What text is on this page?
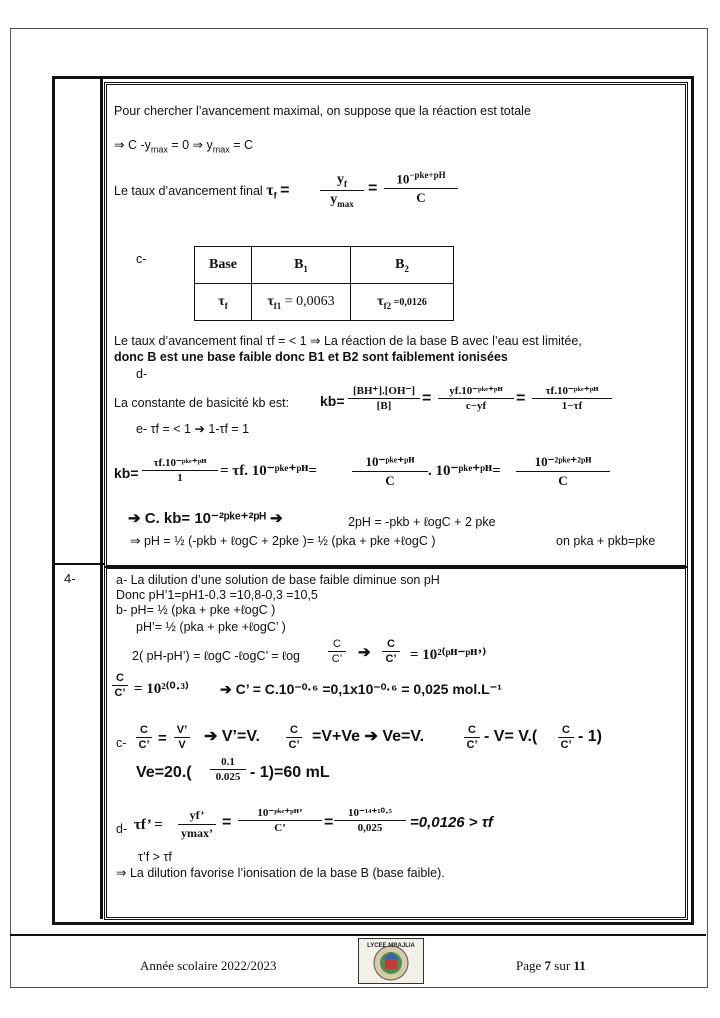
4-
Pour chercher l’avancement maximal, on suppose que la réaction est totale
⇒ C $-y_{max} = 0$ ⇒ $y_{max} = C$
Le taux d’avancement final $\tau_f$ =
$y_f$
$y_{max}$
=
$10^{-pke+pH}$
C
c-	Base	$B_1$	$B_2$
$\tau_f$	$\tau_{f1} = 0,0063$	$\tau_{f2} =0,0126$
Le taux d’avancement final τf = < 1 ⇒ La réaction de la base B avec l’eau est limitée,
donc B est une base faible donc B1 et B2 sont faiblement ionisées
d-
La constante de basicité kb est: $kb= \frac{[BH^+].[OH^-]}{[B]}$ =	yf.10⁻ᵖᵏᵉ⁺ᵖᴴ
c−yf	=	τf.10⁻ᵖᵏᵉ⁺ᵖᴴ
1−τf
e- τf = < 1 ➔ 1-τf = 1
kb=
τf.10⁻ᵖᵏᵉ⁺ᵖᴴ
1	= τf. 10⁻ᵖᵏᵉ⁺ᵖᴴ=
10⁻ᵖᵏᵉ⁺ᵖᴴ
C
. 10⁻ᵖᵏᵉ⁺ᵖᴴ=
10⁻²ᵖᵏᵉ⁺²ᵖᴴ
C
➔ C. kb= 10⁻²ᵖᵏᵉ⁺²ᵖᴴ ➔	2pH = -pkb + ℓogC + 2 pke
⇒ pH = ½ (-pkb + ℓogC + 2pke )= ½ (pka + pke +ℓogC )	on pka + pkb=pke
a- La dilution d’une solution de base faible diminue son pH
Donc pH’1=pH1-0.3 =10,8-0,3 =10,5
b- pH= ½ (pka + pke +ℓogC )
pH’= ½ (pka + pke +ℓogC’ )
2( pH-pH’) = ℓogC -ℓogC’ = ℓog	$\frac{C}{C’}$ ➔ $\frac{C}{C’}$ = 10²⁽ᵖᴴ⁻ᵖᴴ’⁾
$\frac{C}{C’} = 10^{2(0}\cdot^{3)}$ ➔ C’ = C.10⁻⁰·⁶ =0,1x10⁻⁰·⁶ = 0,025 mol.L⁻¹
$c- \frac{C}{C’} = \frac{V’}{V}$ ➔ V’=V. $\frac{C}{C’} =V+Ve$ ➔ Ve=V.	$\frac{C}{C’} - V= V.( \frac{C}{C’} - 1)$
$Ve=20.( \frac{0.1}{0.025} - 1)=60$ mL
d- τf’ =
yf’
ymax’
=
10⁻ᵖᵏᵉ⁺ᵖᴴ’
C’	= $\frac{\text{10⁻¹⁴⁺¹⁰·⁵}}{0,025} =0,0126 > \tau f$
τ’f > τf
⇒ La dilution favorise l’ionisation de la base B (base faible).
Année scolaire 2022/2023
LYCEE MRAJLIA
Page 7 sur 11
